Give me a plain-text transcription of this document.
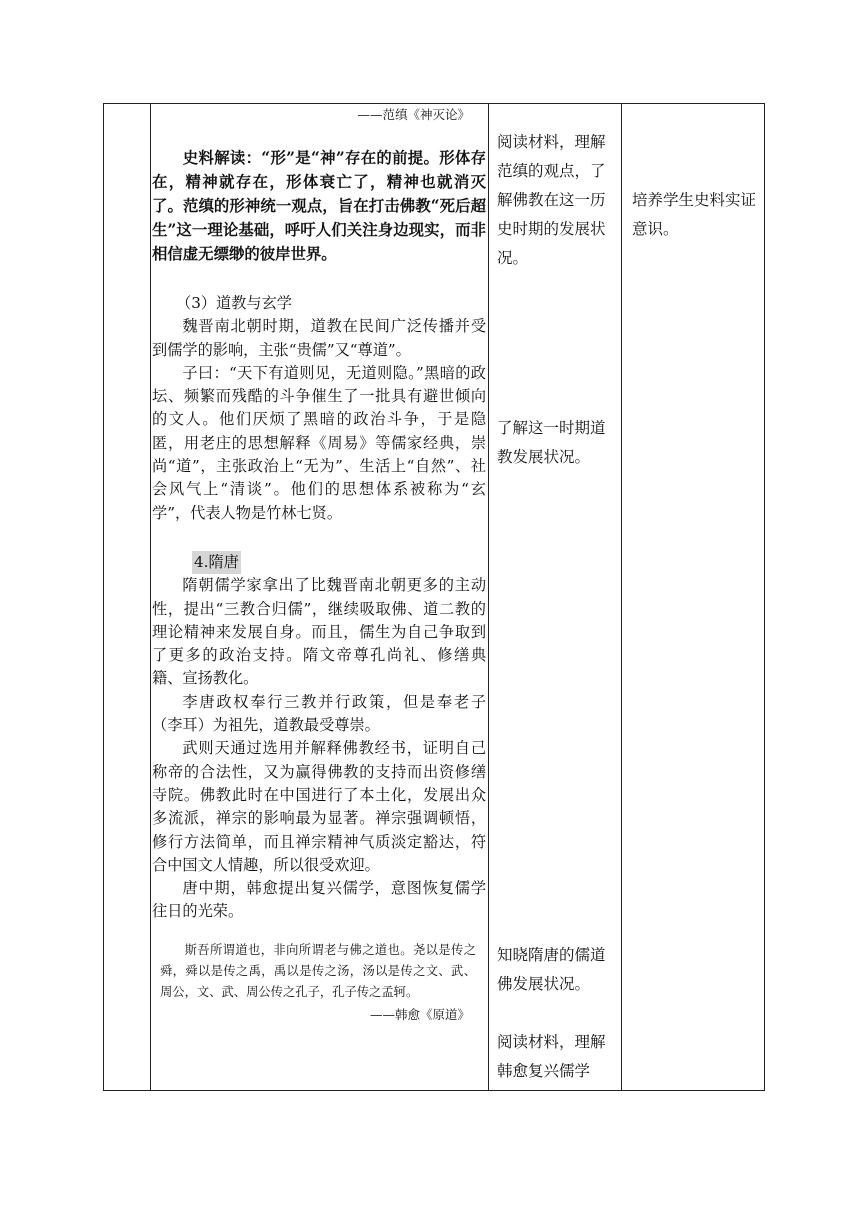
——范缜《神灭论》

史料解读：“形”是“神”存在的前提。形体存在，精神就存在，形体衰亡了，精神也就消灭了。范缜的形神统一观点，旨在打击佛教“死后超生”这一理论基础，呼吁人们关注身边现实，而非相信虚无缥缈的彼岸世界。

（3）道教与玄学

魏晋南北朝时期，道教在民间广泛传播并受到儒学的影响，主张“贵儒”又“尊道”。

子曰：“天下有道则见，无道则隐。”黑暗的政坛、频繁而残酷的斗争催生了一批具有避世倾向的文人。他们厌烦了黑暗的政治斗争，于是隐匿，用老庄的思想解释《周易》等儒家经典，崇尚“道”，主张政治上“无为”、生活上“自然”、社会风气上“清谈”。他们的思想体系被称为“玄学”，代表人物是竹林七贤。

4.隋唐

隋朝儒学家拿出了比魏晋南北朝更多的主动性，提出“三教合归儒”，继续吸取佛、道二教的理论精神来发展自身。而且，儒生为自己争取到了更多的政治支持。隋文帝尊孔尚礼、修缮典籍、宣扬教化。

李唐政权奉行三教并行政策，但是奉老子（李耳）为祖先，道教最受尊崇。

武则天通过选用并解释佛教经书，证明自己称帝的合法性，又为赢得佛教的支持而出资修缮寺院。佛教此时在中国进行了本土化，发展出众多流派，禅宗的影响最为显著。禅宗强调顿悟，修行方法简单，而且禅宗精神气质淡定豁达，符合中国文人情趣，所以很受欢迎。

唐中期，韩愈提出复兴儒学，意图恢复儒学往日的光荣。

斯吾所谓道也，非向所谓老与佛之道也。尧以是传之舜，舜以是传之禹，禹以是传之汤，汤以是传之文、武、周公，文、武、周公传之孔子，孔子传之孟轲。

——韩愈《原道》
阅读材料，理解范缜的观点，了解佛教在这一历史时期的发展状况。
了解这一时期道教发展状况。
知晓隋唐的儒道佛发展状况。
阅读材料，理解韩愈复兴儒学
培养学生史料实证意识。
